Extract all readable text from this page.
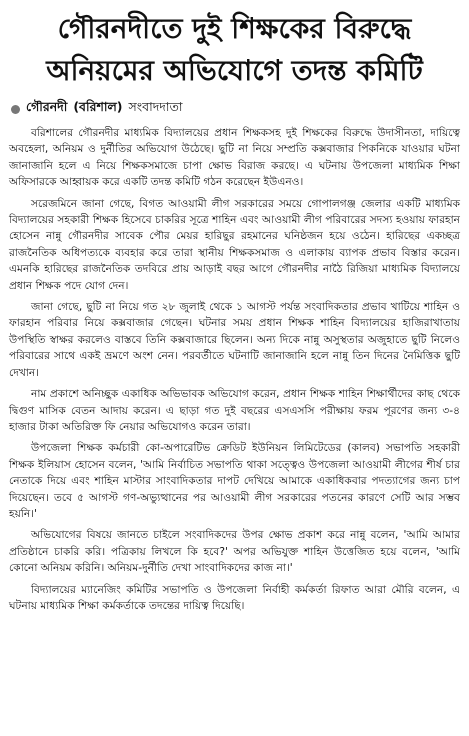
গৌরনদীতে দুই শিক্ষকের বিরুদ্ধে
অনিয়মের অভিযোগে তদন্ত কমিটি
গৌরনদী (বরিশাল) সংবাদদাতা

বরিশালের গৌরনদীর মাধ্যমিক বিদ্যালয়ের প্রধান শিক্ষকসহ দুই শিক্ষকের বিরুদ্ধে উদাসীনতা, দায়িত্বে অবহেলা, অনিয়ম ও দুর্নীতির অভিযোগ উঠেছে। ছুটি না নিয়ে সম্প্রতি কক্সবাজার পিকনিকে যাওয়ার ঘটনা জানাজানি হলে এ নিয়ে শিক্ষকসমাজে চাপা ক্ষোভ বিরাজ করছে। এ ঘটনায় উপজেলা মাধ্যমিক শিক্ষা অফিসারকে আহ্বায়ক করে একটি তদন্ত কমিটি গঠন করেছেন ইউএনও।

সরেজমিনে জানা গেছে, বিগত আওয়ামী লীগ সরকারের সময়ে গোপালগঞ্জ জেলার একটি মাধ্যমিক বিদ্যালয়ের সহকারী শিক্ষক হিসেবে চাকরির সূত্রে শাহিন এবং আওয়ামী লীগ পরিবারের সদস্য হওয়ায় ফারহান হোসেন নান্নু গৌরনদীর সাবেক পৌর মেয়র হারিছুর রহমানের ঘনিষ্ঠজন হয়ে ওঠেন। হারিছের একচ্ছত্র রাজনৈতিক অধিপত্যকে ব্যবহার করে তারা স্থানীয় শিক্ষকসমাজ ও এলাকায় ব্যাপক প্রভাব বিস্তার করেন। এমনকি হারিছের রাজনৈতিক তদবিরে প্রায় আড়াই বছর আগে গৌরনদীর নাঠৈ রিজিয়া মাধ্যমিক বিদ্যালয়ে প্রধান শিক্ষক পদে যোগ দেন।

জানা গেছে, ছুটি না নিয়ে গত ২৮ জুলাই থেকে ১ আগস্ট পর্যন্ত সংবাদিকতার প্রভাব খাটিয়ে শাহিন ও ফারহান পরিবার নিয়ে কক্সবাজার গেছেন। ঘটনার সময় প্রধান শিক্ষক শাহিন বিদ্যালয়ের হাজিরাখাতায় উপস্থিতি স্বাক্ষর করলেও বাস্তবে তিনি কক্সবাজারে ছিলেন। অন্য দিকে নান্নু অসুস্থতার অজুহাতে ছুটি নিলেও পরিবারের সাথে একই ভ্রমণে অংশ নেন। পরবর্তীতে ঘটনাটি জানাজানি হলে নান্নু তিন দিনের নৈমিত্তিক ছুটি দেখান।

নাম প্রকাশে অনিচ্ছুক একাধিক অভিভাবক অভিযোগ করেন, প্রধান শিক্ষক শাহিন শিক্ষার্থীদের কাছ থেকে দ্বিগুণ মাসিক বেতন আদায় করেন। এ ছাড়া গত দুই বছরের এসএসসি পরীক্ষায় ফরম পূরণের জন্য ৩-৪ হাজার টাকা অতিরিক্ত ফি নেয়ার অভিযোগও করেন তারা।

উপজেলা শিক্ষক কর্মচারী কো-অপারেটিভ ক্রেডিট ইউনিয়ন লিমিটেডের (কালব) সভাপতি সহকারী শিক্ষক ইলিয়াস হোসেন বলেন, 'আমি নির্বাচিত সভাপতি থাকা সত্ত্বেও উপজেলা আওয়ামী লীগের শীর্ষ চার নেতাকে দিয়ে এবং শাহিন মাস্টার সাংবাদিকতার দাপট দেখিয়ে আমাকে একাধিকবার পদত্যাগের জন্য চাপ দিয়েছেন। তবে ৫ আগস্ট গণ-অভ্যুত্থানের পর আওয়ামী লীগ সরকারের পতনের কারণে সেটি আর সম্ভব হয়নি।'

অভিযোগের বিষয়ে জানতে চাইলে সংবাদিকদের উপর ক্ষোভ প্রকাশ করে নান্নু বলেন, 'আমি আমার প্রতিষ্ঠানে চাকরি করি। পত্রিকায় লিখলে কি হবে?' অপর অভিযুক্ত শাহিন উত্তেজিত হয়ে বলেন, 'আমি কোনো অনিয়ম করিনি। অনিয়ম-দুর্নীতি দেখা সাংবাদিকদের কাজ না।'

বিদ্যালয়ের ম্যানেজিং কমিটির সভাপতি ও উপজেলা নির্বাহী কর্মকর্তা রিফাত আরা মৌরি বলেন, এ ঘটনায় মাধ্যমিক শিক্ষা কর্মকর্তাকে তদন্তের দায়িত্ব দিয়েছি।
